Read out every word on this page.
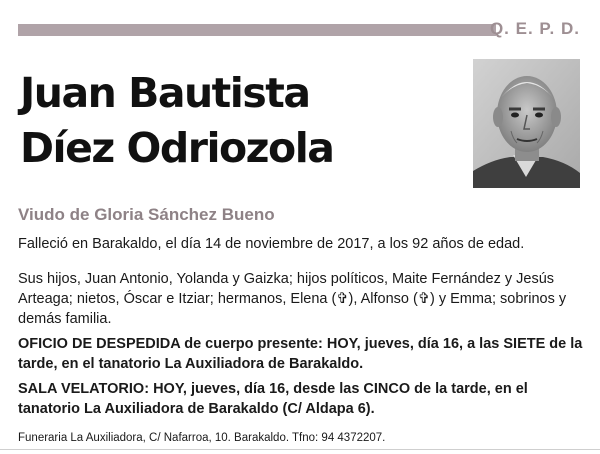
Q. E. P. D.
Juan Bautista
Díez Odriozola
Viudo de Gloria Sánchez Bueno
Falleció en Barakaldo, el día 14 de noviembre de 2017, a los 92 años de edad.
Sus hijos, Juan Antonio, Yolanda y Gaizka; hijos políticos, Maite Fernández y Jesús Arteaga; nietos, Óscar e Itziar; hermanos, Elena (✞), Alfonso (✞) y Emma; sobrinos y demás familia.
OFICIO DE DESPEDIDA de cuerpo presente: HOY, jueves, día 16, a las SIETE de la tarde, en el tanatorio La Auxiliadora de Barakaldo.
SALA VELATORIO: HOY, jueves, día 16, desde las CINCO de la tarde, en el tanatorio La Auxiliadora de Barakaldo (C/ Aldapa 6).
Funeraria La Auxiliadora, C/ Nafarroa, 10. Barakaldo. Tfno: 94 4372207.
